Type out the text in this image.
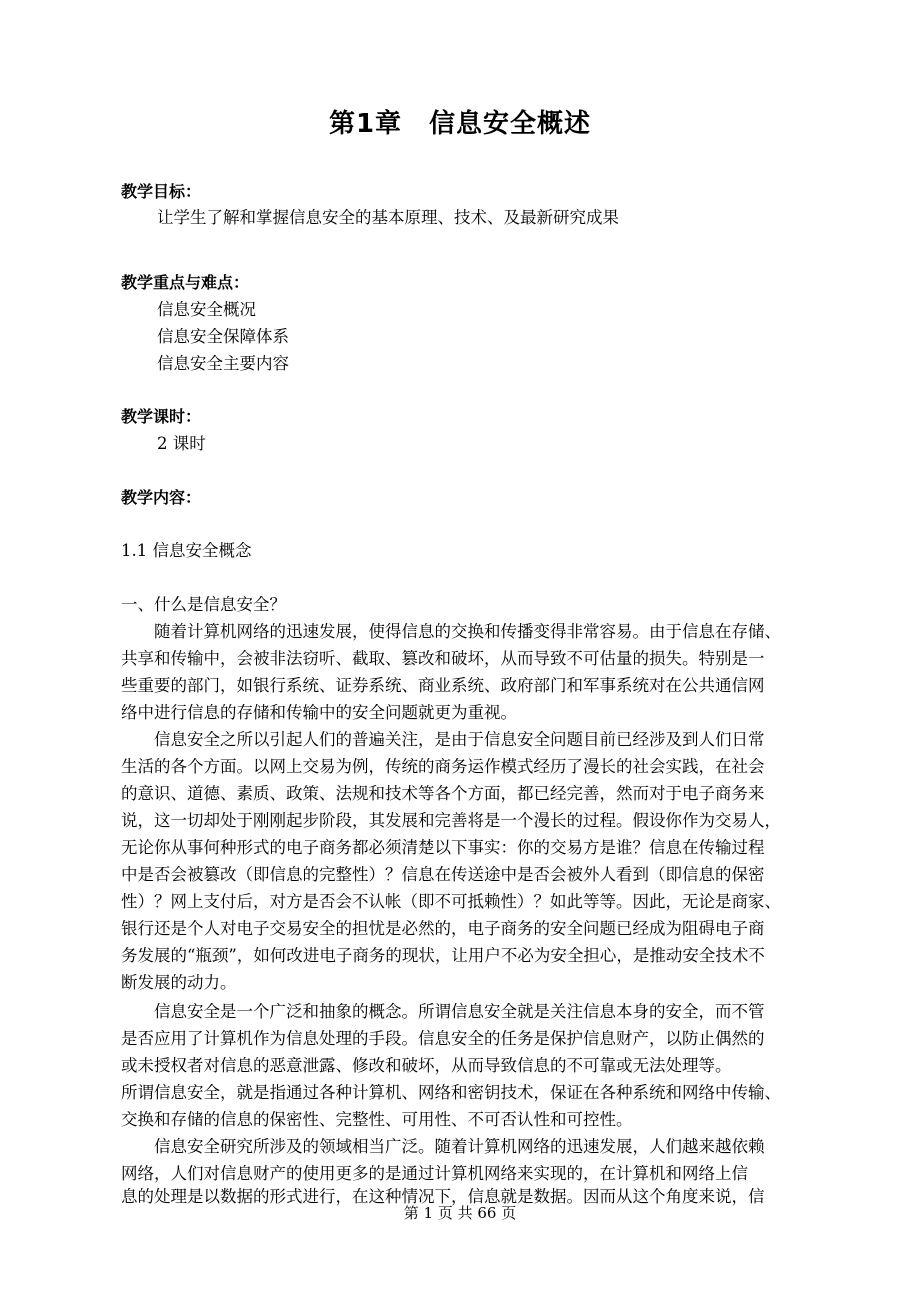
第1章　信息安全概述
教学目标：
让学生了解和掌握信息安全的基本原理、技术、及最新研究成果
教学重点与难点：
信息安全概况
信息安全保障体系
信息安全主要内容
教学课时：
2 课时
教学内容：
1.1 信息安全概念
一、什么是信息安全？
　　随着计算机网络的迅速发展，使得信息的交换和传播变得非常容易。由于信息在存储、
共享和传输中，会被非法窃听、截取、篡改和破坏，从而导致不可估量的损失。特别是一
些重要的部门，如银行系统、证券系统、商业系统、政府部门和军事系统对在公共通信网
络中进行信息的存储和传输中的安全问题就更为重视。
　　信息安全之所以引起人们的普遍关注，是由于信息安全问题目前已经涉及到人们日常
生活的各个方面。以网上交易为例，传统的商务运作模式经历了漫长的社会实践，在社会
的意识、道德、素质、政策、法规和技术等各个方面，都已经完善，然而对于电子商务来
说，这一切却处于刚刚起步阶段，其发展和完善将是一个漫长的过程。假设你作为交易人，
无论你从事何种形式的电子商务都必须清楚以下事实：你的交易方是谁？信息在传输过程
中是否会被篡改（即信息的完整性）？信息在传送途中是否会被外人看到（即信息的保密
性）？网上支付后，对方是否会不认帐（即不可抵赖性）？如此等等。因此，无论是商家、
银行还是个人对电子交易安全的担忧是必然的，电子商务的安全问题已经成为阻碍电子商
务发展的“瓶颈”，如何改进电子商务的现状，让用户不必为安全担心，是推动安全技术不
断发展的动力。
　　信息安全是一个广泛和抽象的概念。所谓信息安全就是关注信息本身的安全，而不管
是否应用了计算机作为信息处理的手段。信息安全的任务是保护信息财产，以防止偶然的
或未授权者对信息的恶意泄露、修改和破坏，从而导致信息的不可靠或无法处理等。
所谓信息安全，就是指通过各种计算机、网络和密钥技术，保证在各种系统和网络中传输、
交换和存储的信息的保密性、完整性、可用性、不可否认性和可控性。
　　信息安全研究所涉及的领域相当广泛。随着计算机网络的迅速发展，人们越来越依赖
网络，人们对信息财产的使用更多的是通过计算机网络来实现的，在计算机和网络上信
息的处理是以数据的形式进行，在这种情况下，信息就是数据。因而从这个角度来说，信
第 1 页 共 66 页
